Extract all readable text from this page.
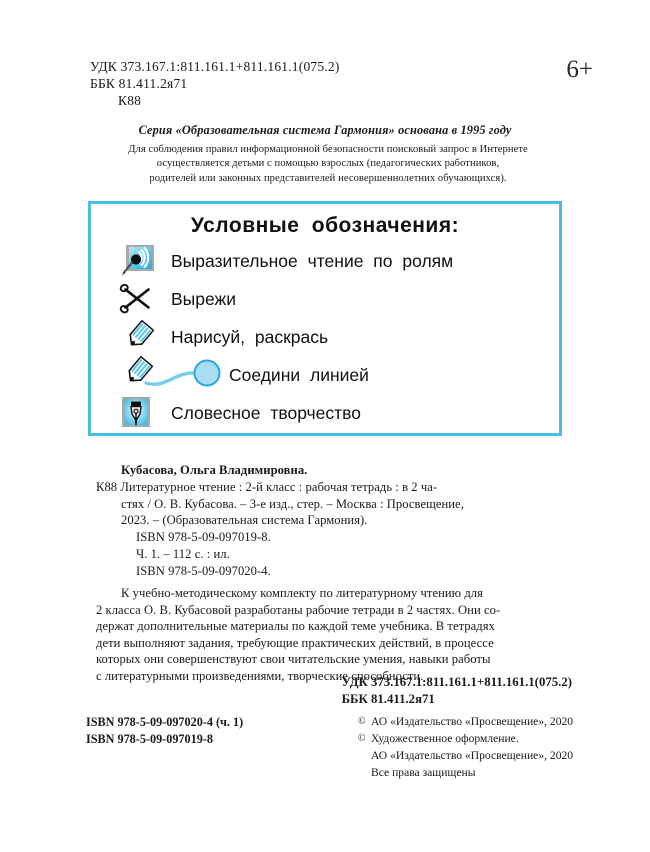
УДК 373.167.1:811.161.1+811.161.1(075.2)
ББК 81.411.2я71
К88
6+
Серия «Образовательная система Гармония» основана в 1995 году
Для соблюдения правил информационной безопасности поисковый запрос в Интернете
осуществляется детьми с помощью взрослых (педагогических работников,
родителей или законных представителей несовершеннолетних обучающихся).
Условные обозначения:
Выразительное чтение по ролям
Вырежи
Нарисуй, раскрась
Соедини линией
Словесное творчество
Кубасова, Ольга Владимировна.
К88 Литературное чтение : 2-й класс : рабочая тетрадь : в 2 ча-
стях / О. В. Кубасова. – 3-е изд., стер. – Москва : Просвещение,
2023. – (Образовательная система Гармония).
ISBN 978-5-09-097019-8.
Ч. 1. – 112 с. : ил.
ISBN 978-5-09-097020-4.
К учебно-методическому комплекту по литературному чтению для
2 класса О. В. Кубасовой разработаны рабочие тетради в 2 частях. Они со-
держат дополнительные материалы по каждой теме учебника. В тетрадях
дети выполняют задания, требующие практических действий, в процессе
которых они совершенствуют свои читательские умения, навыки работы
с литературными произведениями, творческие способности.
УДК 373.167.1:811.161.1+811.161.1(075.2)
ББК 81.411.2я71
ISBN 978-5-09-097020-4 (ч. 1)
ISBN 978-5-09-097019-8
© АО «Издательство «Просвещение», 2020
© Художественное оформление.
АО «Издательство «Просвещение», 2020
Все права защищены
